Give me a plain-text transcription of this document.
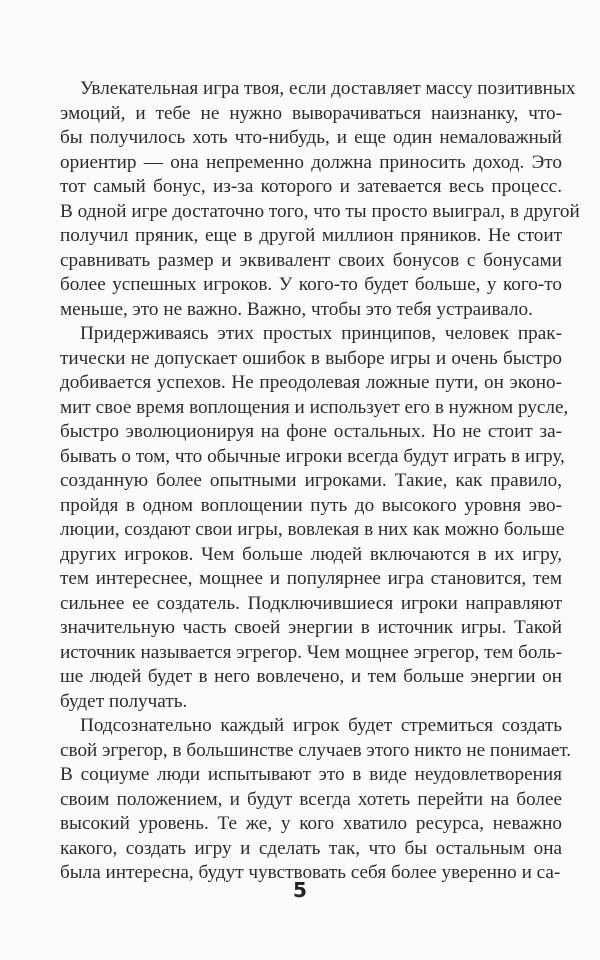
Увлекательная игра твоя, если доставляет массу позитивных
эмоций, и тебе не нужно выворачиваться наизнанку, что-
бы получилось хоть что-нибудь, и еще один немаловажный
ориентир — она непременно должна приносить доход. Это
тот самый бонус, из-за которого и затевается весь процесс.
В одной игре достаточно того, что ты просто выиграл, в другой
получил пряник, еще в другой миллион пряников. Не стоит
сравнивать размер и эквивалент своих бонусов с бонусами
более успешных игроков. У кого-то будет больше, у кого-то
меньше, это не важно. Важно, чтобы это тебя устраивало.
Придерживаясь этих простых принципов, человек прак-
тически не допускает ошибок в выборе игры и очень быстро
добивается успехов. Не преодолевая ложные пути, он эконо-
мит свое время воплощения и использует его в нужном русле,
быстро эволюционируя на фоне остальных. Но не стоит за-
бывать о том, что обычные игроки всегда будут играть в игру,
созданную более опытными игроками. Такие, как правило,
пройдя в одном воплощении путь до высокого уровня эво-
люции, создают свои игры, вовлекая в них как можно больше
других игроков. Чем больше людей включаются в их игру,
тем интереснее, мощнее и популярнее игра становится, тем
сильнее ее создатель. Подключившиеся игроки направляют
значительную часть своей энергии в источник игры. Такой
источник называется эгрегор. Чем мощнее эгрегор, тем боль-
ше людей будет в него вовлечено, и тем больше энергии он
будет получать.
Подсознательно каждый игрок будет стремиться создать
свой эгрегор, в большинстве случаев этого никто не понимает.
В социуме люди испытывают это в виде неудовлетворения
своим положением, и будут всегда хотеть перейти на более
высокий уровень. Те же, у кого хватило ресурса, неважно
какого, создать игру и сделать так, что бы остальным она
была интересна, будут чувствовать себя более уверенно и са-
5
